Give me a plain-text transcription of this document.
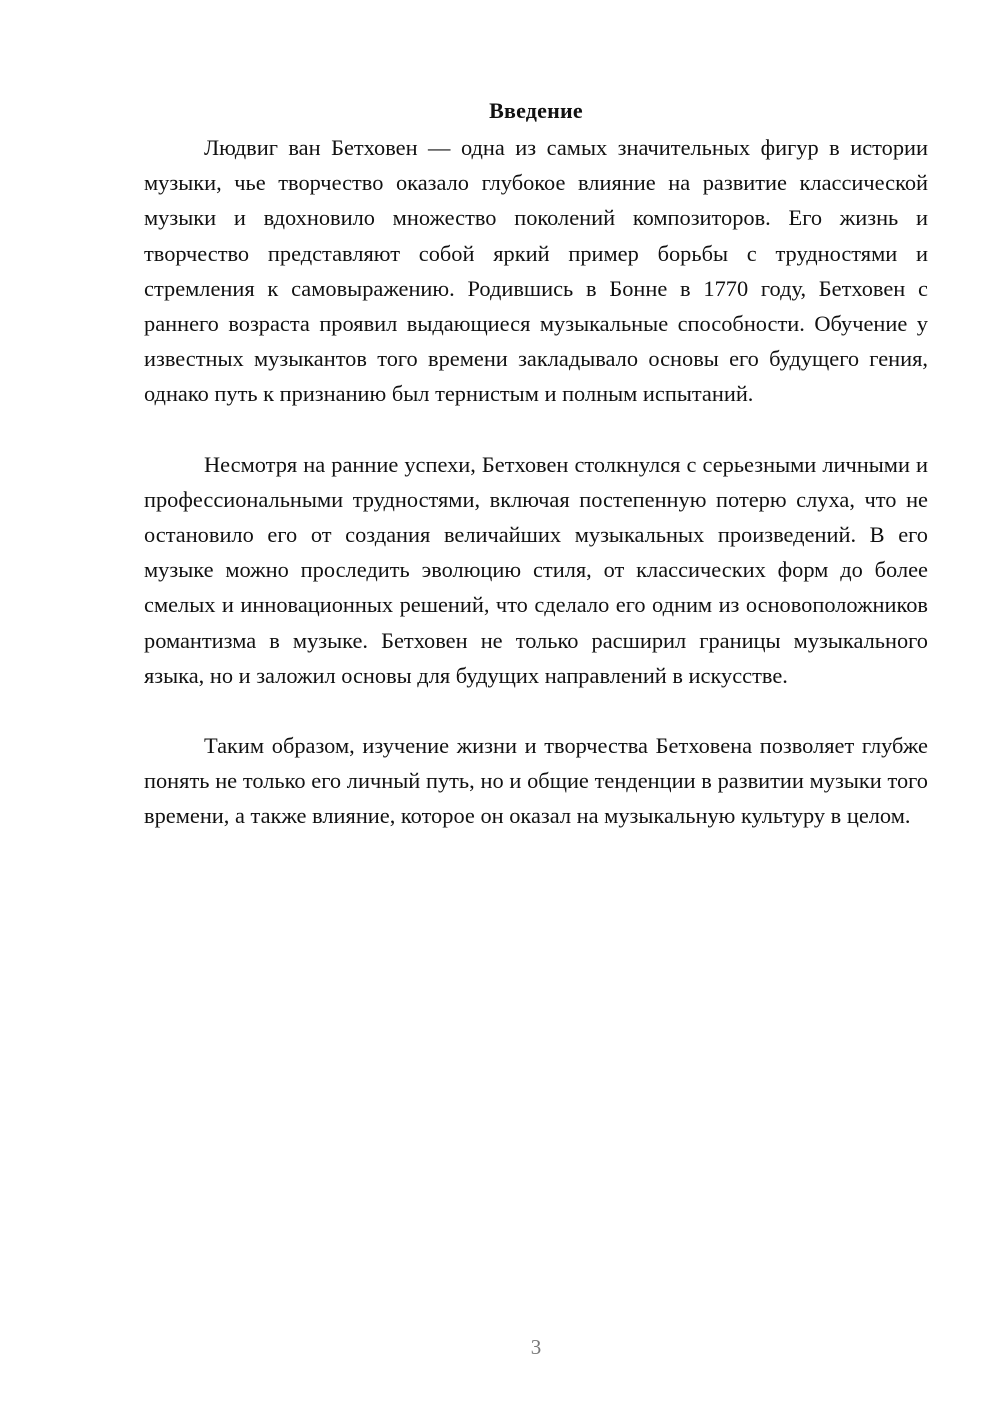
Введение

Людвиг ван Бетховен — одна из самых значительных фигур в истории музыки, чье творчество оказало глубокое влияние на развитие классической музыки и вдохновило множество поколений композиторов. Его жизнь и творчество представляют собой яркий пример борьбы с трудностями и стремления к самовыражению. Родившись в Бонне в 1770 году, Бетховен с раннего возраста проявил выдающиеся музыкальные способности. Обучение у известных музыкантов того времени закладывало основы его будущего гения, однако путь к признанию был тернистым и полным испытаний.

Несмотря на ранние успехи, Бетховен столкнулся с серьезными личными и профессиональными трудностями, включая постепенную потерю слуха, что не остановило его от создания величайших музыкальных произведений. В его музыке можно проследить эволюцию стиля, от классических форм до более смелых и инновационных решений, что сделало его одним из основоположников романтизма в музыке. Бетховен не только расширил границы музыкального языка, но и заложил основы для будущих направлений в искусстве.

Таким образом, изучение жизни и творчества Бетховена позволяет глубже понять не только его личный путь, но и общие тенденции в развитии музыки того времени, а также влияние, которое он оказал на музыкальную культуру в целом.

3
